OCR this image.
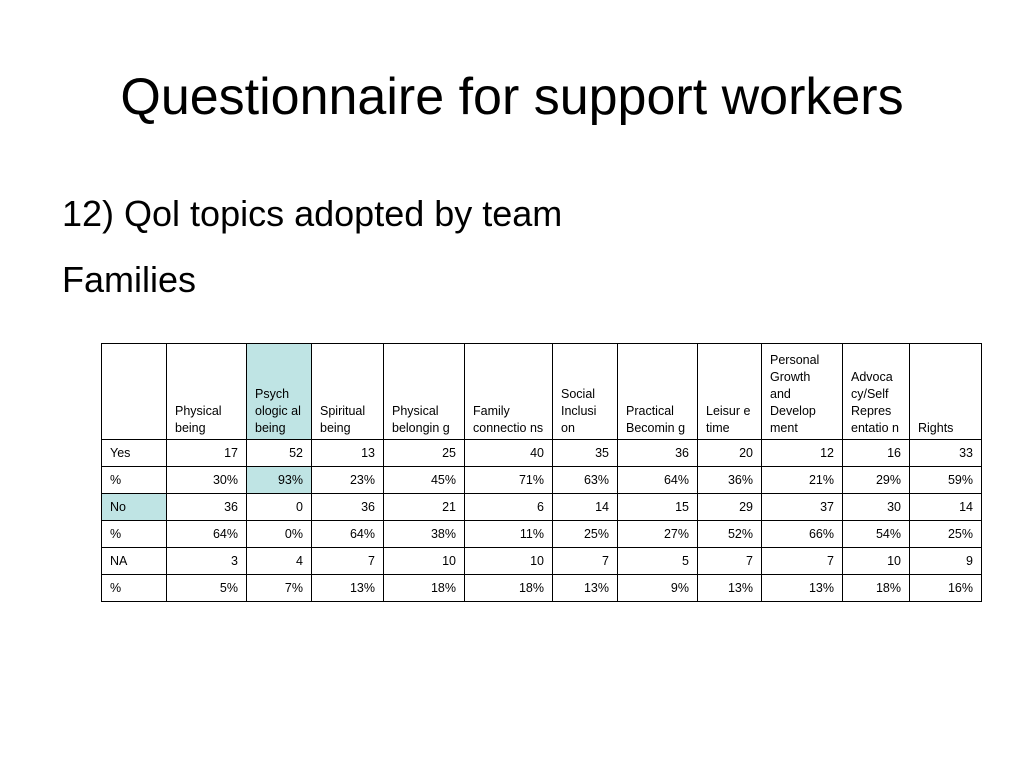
Questionnaire for support workers

12) Qol topics adopted by team

Families

	Physical being	Psych ologic al being	Spiritual being	Physical belongin g	Family connectio ns	Social Inclusi on	Practical Becomin g	Leisur e time	Personal Growth and Develop ment	Advoca cy/Self Repres entatio n	Rights
Yes	17	52	13	25	40	35	36	20	12	16	33
%	30%	93%	23%	45%	71%	63%	64%	36%	21%	29%	59%
No	36	0	36	21	6	14	15	29	37	30	14
%	64%	0%	64%	38%	11%	25%	27%	52%	66%	54%	25%
NA	3	4	7	10	10	7	5	7	7	10	9
%	5%	7%	13%	18%	18%	13%	9%	13%	13%	18%	16%
